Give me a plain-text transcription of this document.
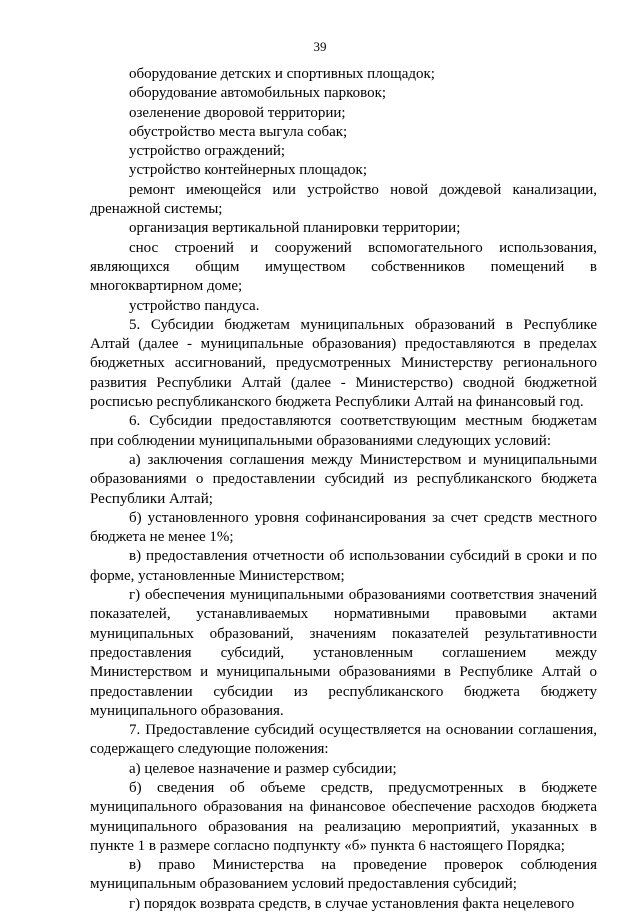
39

оборудование детских и спортивных площадок;

оборудование автомобильных парковок;

озеленение дворовой территории;

обустройство места выгула собак;

устройство ограждений;

устройство контейнерных площадок;

ремонт имеющейся или устройство новой дождевой канализации, дренажной системы;

организация вертикальной планировки территории;

снос строений и сооружений вспомогательного использования, являющихся общим имуществом собственников помещений в многоквартирном доме;

устройство пандуса.

5. Субсидии бюджетам муниципальных образований в Республике Алтай (далее - муниципальные образования) предоставляются в пределах бюджетных ассигнований, предусмотренных Министерству регионального развития Республики Алтай (далее - Министерство) сводной бюджетной росписью республиканского бюджета Республики Алтай на финансовый год.

6. Субсидии предоставляются соответствующим местным бюджетам при соблюдении муниципальными образованиями следующих условий:

а) заключения соглашения между Министерством и муниципальными образованиями о предоставлении субсидий из республиканского бюджета Республики Алтай;

б) установленного уровня софинансирования за счет средств местного бюджета не менее 1%;

в) предоставления отчетности об использовании субсидий в сроки и по форме, установленные Министерством;

г) обеспечения муниципальными образованиями соответствия значений показателей, устанавливаемых нормативными правовыми актами муниципальных образований, значениям показателей результативности предоставления субсидий, установленным соглашением между Министерством и муниципальными образованиями в Республике Алтай о предоставлении субсидии из республиканского бюджета бюджету муниципального образования.

7. Предоставление субсидий осуществляется на основании соглашения, содержащего следующие положения:

а) целевое назначение и размер субсидии;

б) сведения об объеме средств, предусмотренных в бюджете муниципального образования на финансовое обеспечение расходов бюджета муниципального образования на реализацию мероприятий, указанных в пункте 1 в размере согласно подпункту «б» пункта 6 настоящего Порядка;

в) право Министерства на проведение проверок соблюдения муниципальным образованием условий предоставления субсидий;

г) порядок возврата средств, в случае установления факта нецелевого
